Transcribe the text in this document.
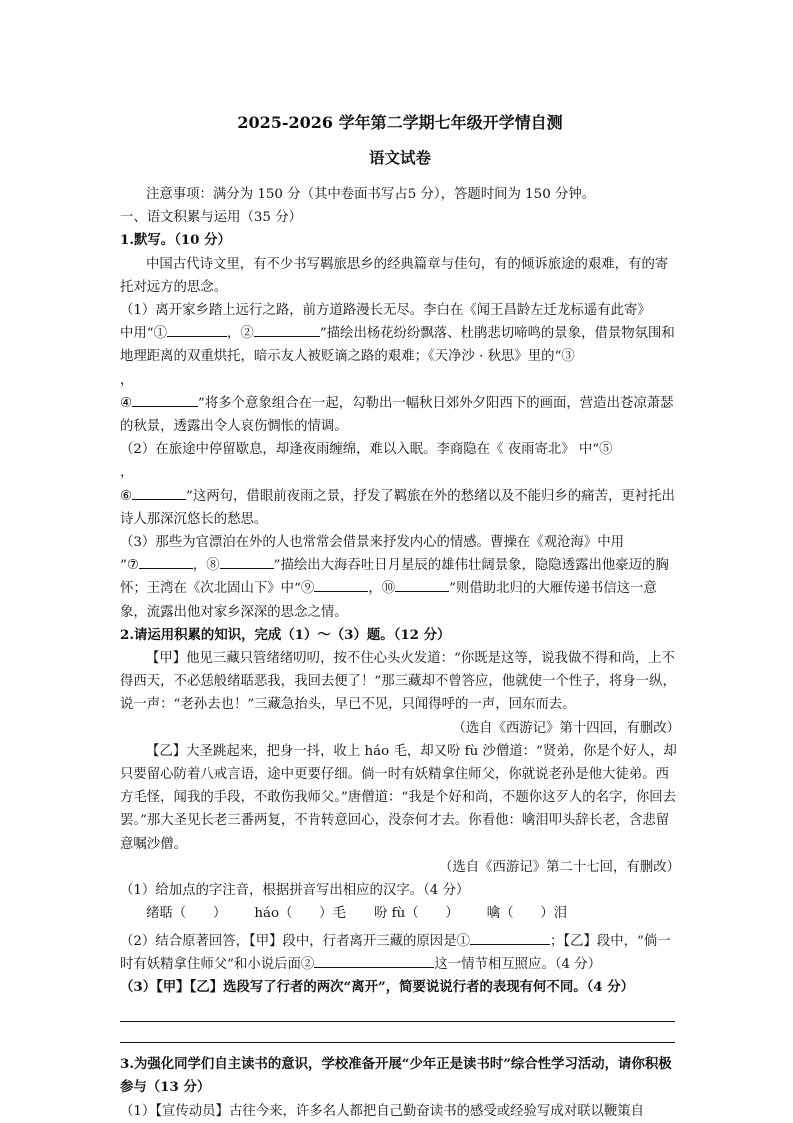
2025-2026 学年第二学期七年级开学情自测
语文试卷

注意事项：满分为 150 分（其中卷面书写占5 分），答题时间为 150 分钟。

一、语文积累与运用（35 分）

1.默写。（10 分）

中国古代诗文里，有不少书写羁旅思乡的经典篇章与佳句，有的倾诉旅途的艰难，有的寄托对远方的思念。

（1）离开家乡踏上远行之路，前方道路漫长无尽。李白在《闻王昌龄左迁龙标遥有此寄》

中用“①	，②	”描绘出杨花纷纷飘落、杜鹃悲切啼鸣的景象，借景物氛围和地理距离的双重烘托，暗示友人被贬谪之路的艰难；《天净沙 · 秋思》里的“③

，

④	”将多个意象组合在一起，勾勒出一幅秋日郊外夕阳西下的画面，营造出苍凉萧瑟的秋景，透露出令人哀伤惆怅的情调。

（2）在旅途中停留歇息，却逢夜雨缠绵，难以入眠。李商隐在《 夜雨寄北》 中“⑤

，

⑥	”这两句，借眼前夜雨之景，抒发了羁旅在外的愁绪以及不能归乡的痛苦，更衬托出诗人那深沉悠长的愁思。

（3）那些为官漂泊在外的人也常常会借景来抒发内心的情感。曹操在《观沧海》中用

“⑦	，⑧	”描绘出大海吞吐日月星辰的雄伟壮阔景象，隐隐透露出他豪迈的胸怀；王湾在《次北固山下》中“⑨	，⑩	”则借助北归的大雁传递书信这一意象，流露出他对家乡深深的思念之情。

2.请运用积累的知识，完成（1）～（3）题。（12 分）

【甲】他见三藏只管绪绪叨叨，按不住心头火发道：“你既是这等，说我做不得和尚，上不得西天，不必恁般绪聒恶我，我回去便了！”那三藏却不曾答应，他就使一个性子，将身一纵，说一声：“老孙去也！”三藏急抬头，早已不见，只闻得呼的一声，回东而去。

（选自《西游记》第十四回，有删改）

【乙】大圣跳起来，把身一抖，收上 háo 毛，却又吩 fù 沙僧道：“贤弟，你是个好人，却只要留心防着八戒言语，途中更要仔细。倘一时有妖精拿住师父，你就说老孙是他大徒弟。西方毛怪，闻我的手段，不敢伤我师父。”唐僧道：“我是个好和尚，不题你这歹人的名字，你回去罢。”那大圣见长老三番两复，不肯转意回心，没奈何才去。你看他：噙泪叩头辞长老，含悲留意嘱沙僧。

（选自《西游记》第二十七回，有删改）

（1）给加点的字注音，根据拼音写出相应的汉字。（4 分）

绪聒（　　） háo（　　）毛 吩 fù（　　） 噙（　　）泪

（2）结合原著回答，【甲】段中，行者离开三藏的原因是①	；【乙】段中，“倘一时有妖精拿住师父”和小说后面②	这一情节相互照应。（4 分）

（3）【甲】【乙】选段写了行者的两次“离开”，简要说说行者的表现有何不同。（4 分）

3.为强化同学们自主读书的意识，学校准备开展“少年正是读书时”综合性学习活动，请你积极参与（13 分）

（1）【宣传动员】古往今来，许多名人都把自己勤奋读书的感受或经验写成对联以鞭策自
